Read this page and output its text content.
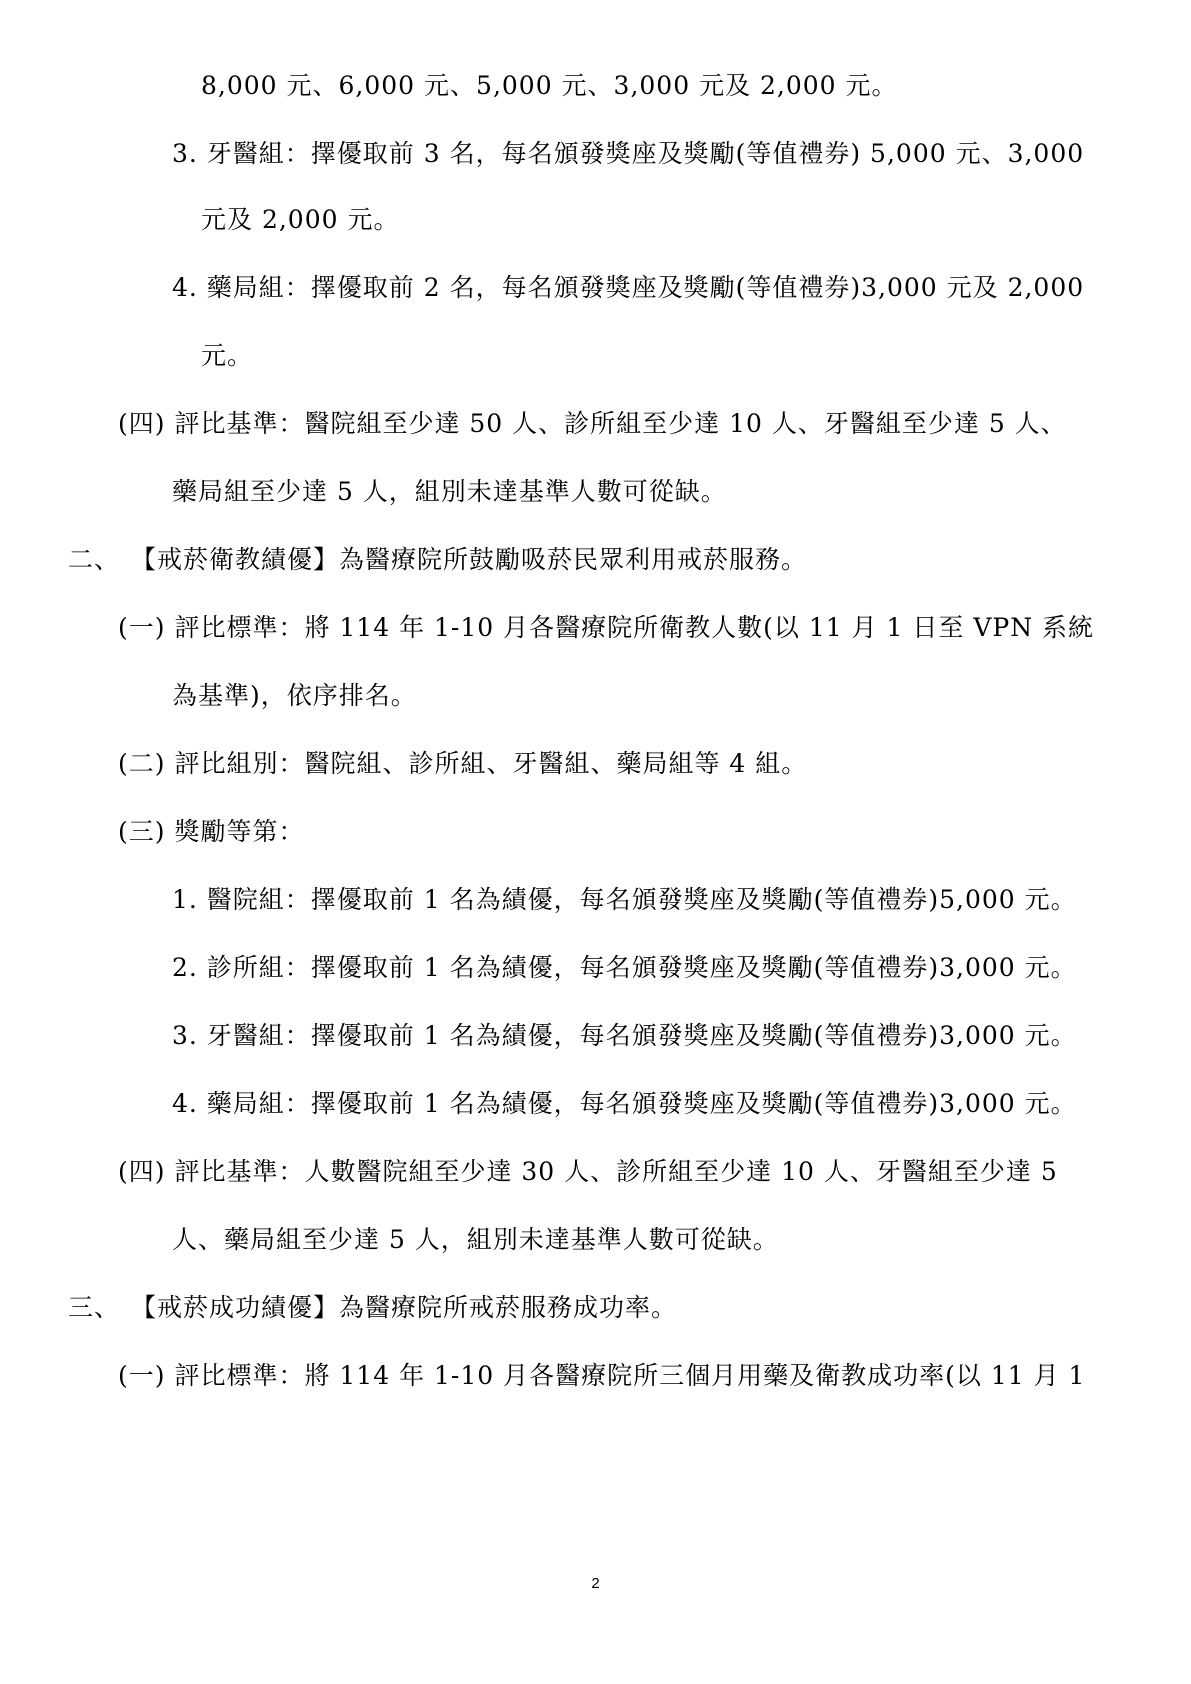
8,000 元、6,000 元、5,000 元、3,000 元及 2,000 元。
3. 牙醫組：擇優取前 3 名，每名頒發獎座及獎勵(等值禮券) 5,000 元、3,000
元及 2,000 元。
4. 藥局組：擇優取前 2 名，每名頒發獎座及獎勵(等值禮券)3,000 元及 2,000
元。
(四) 評比基準：醫院組至少達 50 人、診所組至少達 10 人、牙醫組至少達 5 人、
藥局組至少達 5 人，組別未達基準人數可從缺。
二、 【戒菸衛教績優】為醫療院所鼓勵吸菸民眾利用戒菸服務。
(一) 評比標準：將 114 年 1-10 月各醫療院所衛教人數(以 11 月 1 日至 VPN 系統
為基準)，依序排名。
(二) 評比組別：醫院組、診所組、牙醫組、藥局組等 4 組。
(三) 獎勵等第：
1. 醫院組：擇優取前 1 名為績優，每名頒發獎座及獎勵(等值禮券)5,000 元。
2. 診所組：擇優取前 1 名為績優，每名頒發獎座及獎勵(等值禮券)3,000 元。
3. 牙醫組：擇優取前 1 名為績優，每名頒發獎座及獎勵(等值禮券)3,000 元。
4. 藥局組：擇優取前 1 名為績優，每名頒發獎座及獎勵(等值禮券)3,000 元。
(四) 評比基準：人數醫院組至少達 30 人、診所組至少達 10 人、牙醫組至少達 5
人、藥局組至少達 5 人，組別未達基準人數可從缺。
三、 【戒菸成功績優】為醫療院所戒菸服務成功率。
(一) 評比標準：將 114 年 1-10 月各醫療院所三個月用藥及衛教成功率(以 11 月 1
2
